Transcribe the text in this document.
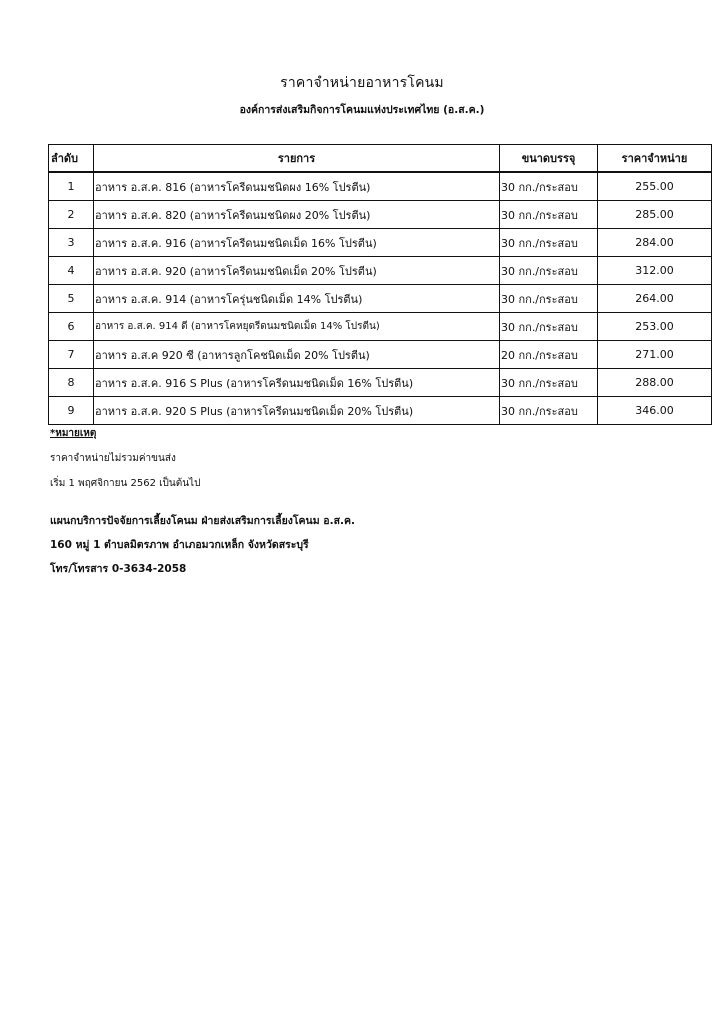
ราคาจำหน่ายอาหารโคนม
องค์การส่งเสริมกิจการโคนมแห่งประเทศไทย (อ.ส.ค.)
ลำดับ	รายการ	ขนาดบรรจุ	ราคาจำหน่าย
1	อาหาร อ.ส.ค. 816 (อาหารโครีดนมชนิดผง 16% โปรตีน)	30 กก./กระสอบ	255.00
2	อาหาร อ.ส.ค. 820 (อาหารโครีดนมชนิดผง 20% โปรตีน)	30 กก./กระสอบ	285.00
3	อาหาร อ.ส.ค. 916 (อาหารโครีดนมชนิดเม็ด 16% โปรตีน)	30 กก./กระสอบ	284.00
4	อาหาร อ.ส.ค. 920 (อาหารโครีดนมชนิดเม็ด 20% โปรตีน)	30 กก./กระสอบ	312.00
5	อาหาร อ.ส.ค. 914 (อาหารโครุ่นชนิดเม็ด 14% โปรตีน)	30 กก./กระสอบ	264.00
6	อาหาร อ.ส.ค. 914 ดี (อาหารโคหยุดรีดนมชนิดเม็ด 14% โปรตีน)	30 กก./กระสอบ	253.00
7	อาหาร อ.ส.ค 920 ซี (อาหารลูกโคชนิดเม็ด 20% โปรตีน)	20 กก./กระสอบ	271.00
8	อาหาร อ.ส.ค. 916 S Plus (อาหารโครีดนมชนิดเม็ด 16% โปรตีน)	30 กก./กระสอบ	288.00
9	อาหาร อ.ส.ค. 920 S Plus (อาหารโครีดนมชนิดเม็ด 20% โปรตีน)	30 กก./กระสอบ	346.00
*หมายเหตุ
ราคาจำหน่ายไม่รวมค่าขนส่ง
เริ่ม 1 พฤศจิกายน 2562 เป็นต้นไป
แผนกบริการปัจจัยการเลี้ยงโคนม ฝ่ายส่งเสริมการเลี้ยงโคนม อ.ส.ค.
160 หมู่ 1 ตำบลมิตรภาพ อำเภอมวกเหล็ก จังหวัดสระบุรี
โทร/โทรสาร 0-3634-2058
